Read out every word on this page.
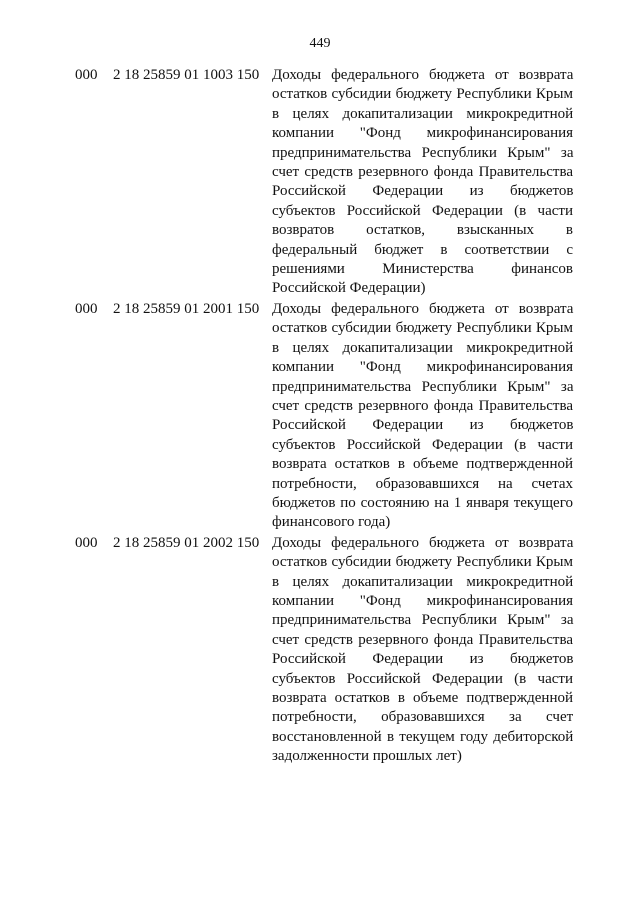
449
000 2 18 25859 01 1003 150 Доходы федерального бюджета от возврата
остатков субсидии бюджету Республики Крым
в целях докапитализации микрокредитной
компании "Фонд микрофинансирования
предпринимательства Республики Крым" за
счет средств резервного фонда Правительства
Российской Федерации из бюджетов
субъектов Российской Федерации (в части
возвратов остатков, взысканных в
федеральный бюджет в соответствии с
решениями Министерства финансов
Российской Федерации)
000 2 18 25859 01 2001 150 Доходы федерального бюджета от возврата
остатков субсидии бюджету Республики Крым
в целях докапитализации микрокредитной
компании "Фонд микрофинансирования
предпринимательства Республики Крым" за
счет средств резервного фонда Правительства
Российской Федерации из бюджетов
субъектов Российской Федерации (в части
возврата остатков в объеме подтвержденной
потребности, образовавшихся на счетах
бюджетов по состоянию на 1 января текущего
финансового года)
000 2 18 25859 01 2002 150 Доходы федерального бюджета от возврата
остатков субсидии бюджету Республики Крым
в целях докапитализации микрокредитной
компании "Фонд микрофинансирования
предпринимательства Республики Крым" за
счет средств резервного фонда Правительства
Российской Федерации из бюджетов
субъектов Российской Федерации (в части
возврата остатков в объеме подтвержденной
потребности, образовавшихся за счет
восстановленной в текущем году дебиторской
задолженности прошлых лет)
